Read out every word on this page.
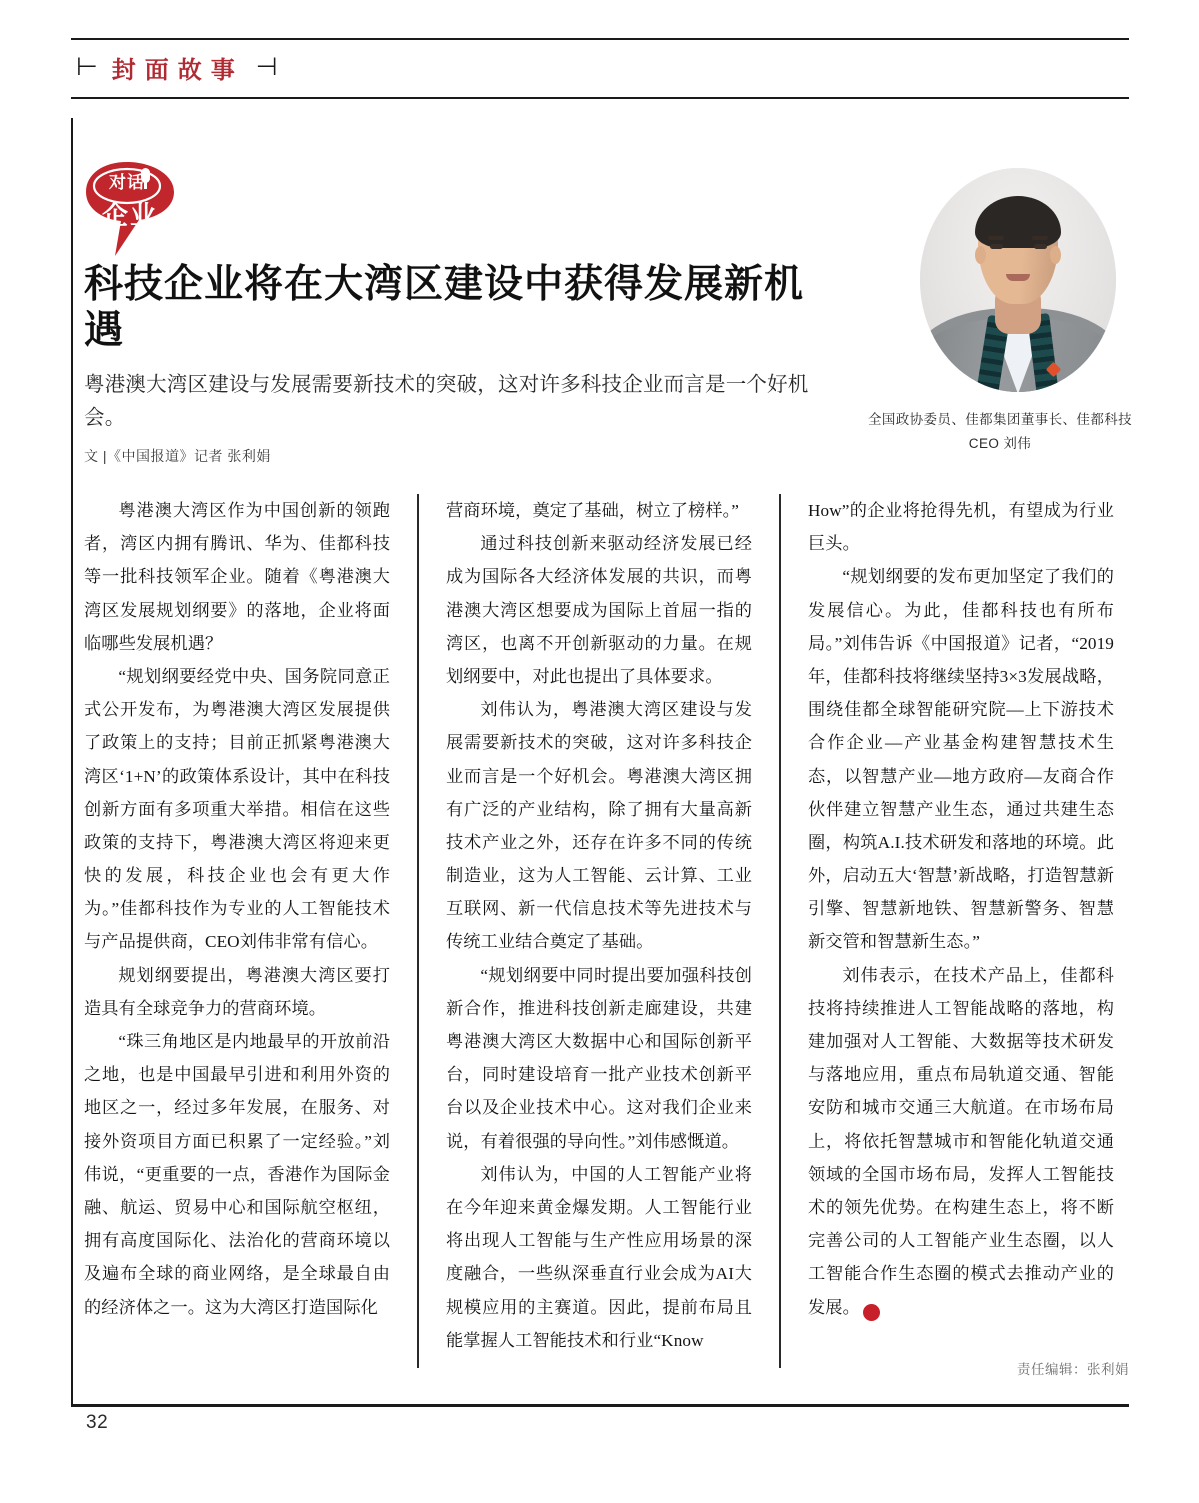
⊢ 封面故事 ⊣
对话
企业
科技企业将在大湾区建设中获得发展新机遇

粤港澳大湾区建设与发展需要新技术的突破，这对许多科技企业而言是一个好机会。

文 |《中国报道》记者 张利娟

全国政协委员、佳都集团董事长、佳都科技CEO 刘伟

粤港澳大湾区作为中国创新的领跑者，湾区内拥有腾讯、华为、佳都科技等一批科技领军企业。随着《粤港澳大湾区发展规划纲要》的落地，企业将面临哪些发展机遇？

“规划纲要经党中央、国务院同意正式公开发布，为粤港澳大湾区发展提供了政策上的支持；目前正抓紧粤港澳大湾区‘1+N’的政策体系设计，其中在科技创新方面有多项重大举措。相信在这些政策的支持下，粤港澳大湾区将迎来更快的发展，科技企业也会有更大作为。”佳都科技作为专业的人工智能技术与产品提供商，CEO刘伟非常有信心。

规划纲要提出，粤港澳大湾区要打造具有全球竞争力的营商环境。

“珠三角地区是内地最早的开放前沿之地，也是中国最早引进和利用外资的地区之一，经过多年发展，在服务、对接外资项目方面已积累了一定经验。”刘伟说，“更重要的一点，香港作为国际金融、航运、贸易中心和国际航空枢纽，拥有高度国际化、法治化的营商环境以及遍布全球的商业网络，是全球最自由的经济体之一。这为大湾区打造国际化

营商环境，奠定了基础，树立了榜样。”

通过科技创新来驱动经济发展已经成为国际各大经济体发展的共识，而粤港澳大湾区想要成为国际上首屈一指的湾区，也离不开创新驱动的力量。在规划纲要中，对此也提出了具体要求。

刘伟认为，粤港澳大湾区建设与发展需要新技术的突破，这对许多科技企业而言是一个好机会。粤港澳大湾区拥有广泛的产业结构，除了拥有大量高新技术产业之外，还存在许多不同的传统制造业，这为人工智能、云计算、工业互联网、新一代信息技术等先进技术与传统工业结合奠定了基础。

“规划纲要中同时提出要加强科技创新合作，推进科技创新走廊建设，共建粤港澳大湾区大数据中心和国际创新平台，同时建设培育一批产业技术创新平台以及企业技术中心。这对我们企业来说，有着很强的导向性。”刘伟感慨道。

刘伟认为，中国的人工智能产业将在今年迎来黄金爆发期。人工智能行业将出现人工智能与生产性应用场景的深度融合，一些纵深垂直行业会成为AI大规模应用的主赛道。因此，提前布局且能掌握人工智能技术和行业“Know

How”的企业将抢得先机，有望成为行业巨头。

“规划纲要的发布更加坚定了我们的发展信心。为此，佳都科技也有所布局。”刘伟告诉《中国报道》记者，“2019年，佳都科技将继续坚持3×3发展战略，围绕佳都全球智能研究院—上下游技术合作企业—产业基金构建智慧技术生态，以智慧产业—地方政府—友商合作伙伴建立智慧产业生态，通过共建生态圈，构筑A.I.技术研发和落地的环境。此外，启动五大‘智慧’新战略，打造智慧新引擎、智慧新地铁、智慧新警务、智慧新交管和智慧新生态。”

刘伟表示，在技术产品上，佳都科技将持续推进人工智能战略的落地，构建加强对人工智能、大数据等技术研发与落地应用，重点布局轨道交通、智能安防和城市交通三大航道。在市场布局上，将依托智慧城市和智能化轨道交通领域的全国市场布局，发挥人工智能技术的领先优势。在构建生态上，将不断完善公司的人工智能产业生态圈，以人工智能合作生态圈的模式去推动产业的发展。	CR

责任编辑：张利娟
32
